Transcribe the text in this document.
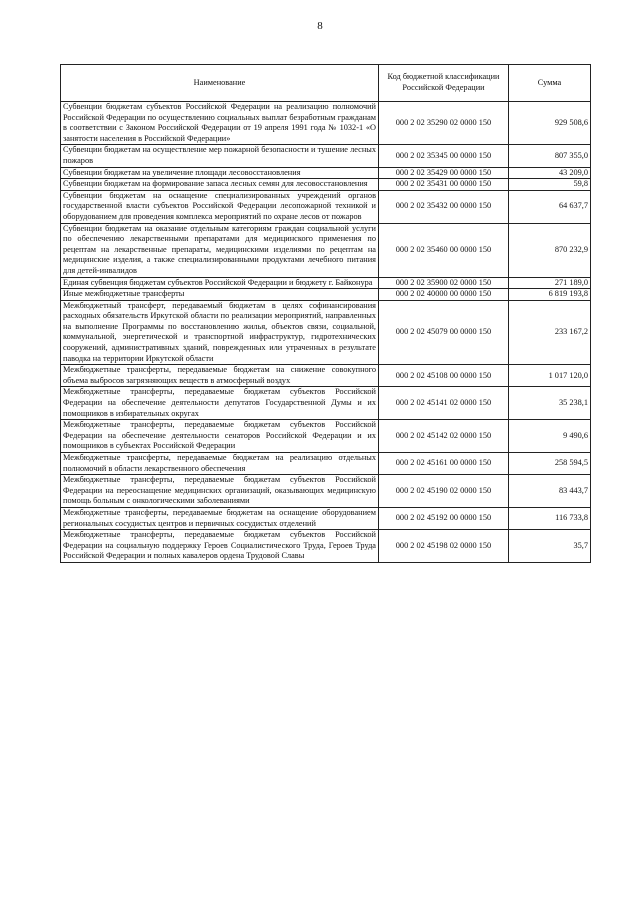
8
Наименование	Код бюджетной классификации Российской Федерации	Сумма
Субвенции бюджетам субъектов Российской Федерации на реализацию полномочий Российской Федерации по осуществлению социальных выплат безработным гражданам в соответствии с Законом Российской Федерации от 19 апреля 1991 года № 1032-1 «О занятости населения в Российской Федерации»	000 2 02 35290 02 0000 150	929 508,6
Субвенции бюджетам на осуществление мер пожарной безопасности и тушение лесных пожаров	000 2 02 35345 00 0000 150	807 355,0
Субвенции бюджетам на увеличение площади лесовосстановления	000 2 02 35429 00 0000 150	43 209,0
Субвенции бюджетам на формирование запаса лесных семян для лесовосстановления	000 2 02 35431 00 0000 150	59,8
Субвенции бюджетам на оснащение специализированных учреждений органов государственной власти субъектов Российской Федерации лесопожарной техникой и оборудованием для проведения комплекса мероприятий по охране лесов от пожаров	000 2 02 35432 00 0000 150	64 637,7
Субвенции бюджетам на оказание отдельным категориям граждан социальной услуги по обеспечению лекарственными препаратами для медицинского применения по рецептам на лекарственные препараты, медицинскими изделиями по рецептам на медицинские изделия, а также специализированными продуктами лечебного питания для детей-инвалидов	000 2 02 35460 00 0000 150	870 232,9
Единая субвенция бюджетам субъектов Российской Федерации и бюджету г. Байконура	000 2 02 35900 02 0000 150	271 189,0
Иные межбюджетные трансферты	000 2 02 40000 00 0000 150	6 819 193,8
Межбюджетный трансферт, передаваемый бюджетам в целях софинансирования расходных обязательств Иркутской области по реализации мероприятий, направленных на выполнение Программы по восстановлению жилья, объектов связи, социальной, коммунальной, энергетической и транспортной инфраструктур, гидротехнических сооружений, административных зданий, поврежденных или утраченных в результате паводка на территории Иркутской области	000 2 02 45079 00 0000 150	233 167,2
Межбюджетные трансферты, передаваемые бюджетам на снижение совокупного объема выбросов загрязняющих веществ в атмосферный воздух	000 2 02 45108 00 0000 150	1 017 120,0
Межбюджетные трансферты, передаваемые бюджетам субъектов Российской Федерации на обеспечение деятельности депутатов Государственной Думы и их помощников в избирательных округах	000 2 02 45141 02 0000 150	35 238,1
Межбюджетные трансферты, передаваемые бюджетам субъектов Российской Федерации на обеспечение деятельности сенаторов Российской Федерации и их помощников в субъектах Российской Федерации	000 2 02 45142 02 0000 150	9 490,6
Межбюджетные трансферты, передаваемые бюджетам на реализацию отдельных полномочий в области лекарственного обеспечения	000 2 02 45161 00 0000 150	258 594,5
Межбюджетные трансферты, передаваемые бюджетам субъектов Российской Федерации на переоснащение медицинских организаций, оказывающих медицинскую помощь больным с онкологическими заболеваниями	000 2 02 45190 02 0000 150	83 443,7
Межбюджетные трансферты, передаваемые бюджетам на оснащение оборудованием региональных сосудистых центров и первичных сосудистых отделений	000 2 02 45192 00 0000 150	116 733,8
Межбюджетные трансферты, передаваемые бюджетам субъектов Российской Федерации на социальную поддержку Героев Социалистического Труда, Героев Труда Российской Федерации и полных кавалеров ордена Трудовой Славы	000 2 02 45198 02 0000 150	35,7
